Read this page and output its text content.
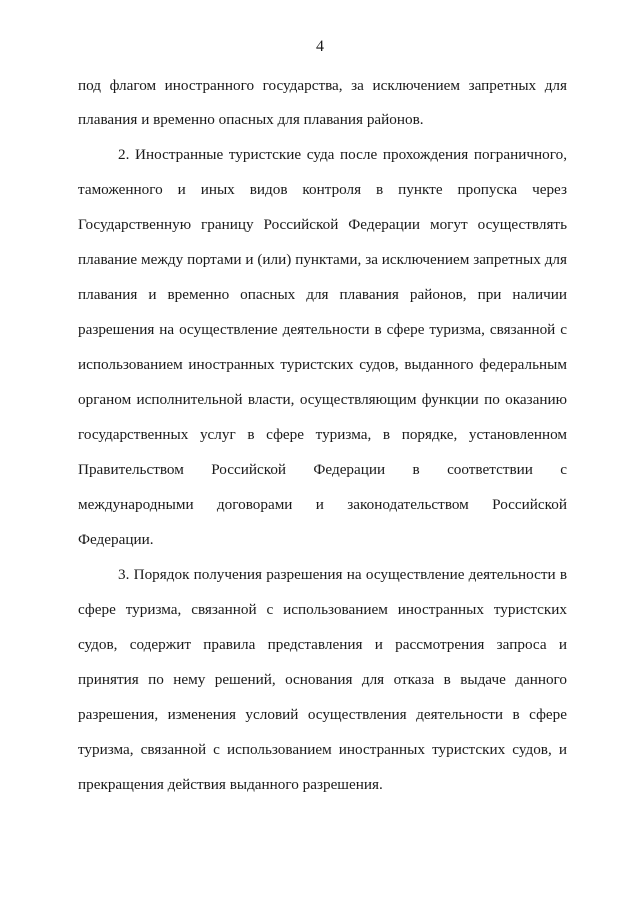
4
под флагом иностранного государства, за исключением запретных для
плавания и временно опасных для плавания районов.
2. Иностранные туристские суда после прохождения пограничного,
таможенного и иных видов контроля в пункте пропуска через
Государственную границу Российской Федерации могут осуществлять
плавание между портами и (или) пунктами, за исключением запретных для
плавания и временно опасных для плавания районов, при наличии
разрешения на осуществление деятельности в сфере туризма, связанной с
использованием иностранных туристских судов, выданного федеральным
органом исполнительной власти, осуществляющим функции по оказанию
государственных услуг в сфере туризма, в порядке, установленном
Правительством Российской Федерации в соответствии с
международными договорами и законодательством Российской
Федерации.
3. Порядок получения разрешения на осуществление деятельности в
сфере туризма, связанной с использованием иностранных туристских
судов, содержит правила представления и рассмотрения запроса и
принятия по нему решений, основания для отказа в выдаче данного
разрешения, изменения условий осуществления деятельности в сфере
туризма, связанной с использованием иностранных туристских судов, и
прекращения действия выданного разрешения.
